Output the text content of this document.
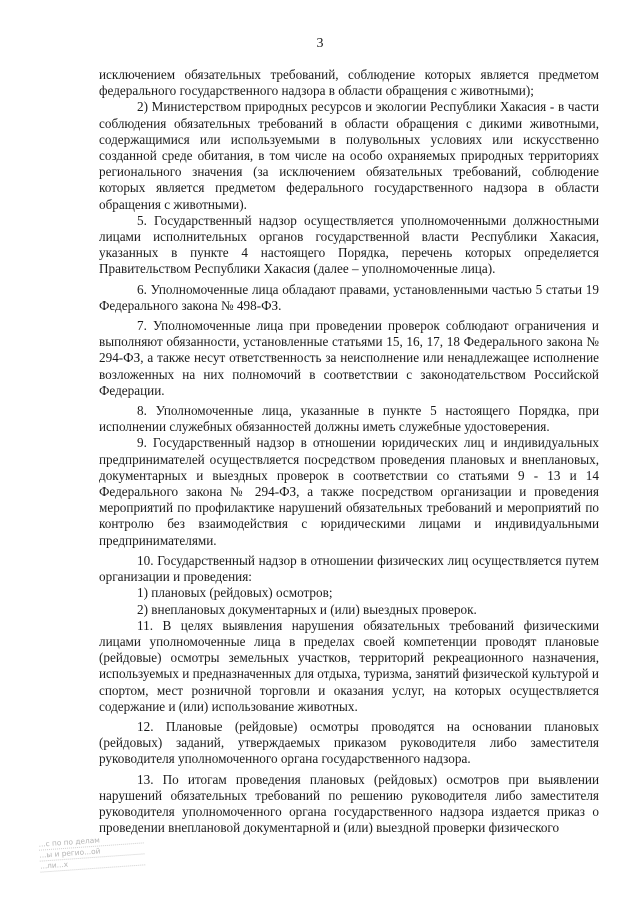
3

исключением обязательных требований, соблюдение которых является предметом федерального государственного надзора в области обращения с животными);

2) Министерством природных ресурсов и экологии Республики Хакасия - в части соблюдения обязательных требований в области обращения с дикими животными, содержащимися или используемыми в полувольных условиях или искусственно созданной среде обитания, в том числе на особо охраняемых природных территориях регионального значения (за исключением обязательных требований, соблюдение которых является предметом федерального государственного надзора в области обращения с животными).

5. Государственный надзор осуществляется уполномоченными должностными лицами исполнительных органов государственной власти Республики Хакасия, указанных в пункте 4 настоящего Порядка, перечень которых определяется Правительством Республики Хакасия (далее – уполномоченные лица).

6. Уполномоченные лица обладают правами, установленными частью 5 статьи 19 Федерального закона № 498-ФЗ.

7. Уполномоченные лица при проведении проверок соблюдают ограничения и выполняют обязанности, установленные статьями 15, 16, 17, 18 Федерального закона № 294-ФЗ, а также несут ответственность за неисполнение или ненадлежащее исполнение возложенных на них полномочий в соответствии с законодательством Российской Федерации.

8. Уполномоченные лица, указанные в пункте 5 настоящего Порядка, при исполнении служебных обязанностей должны иметь служебные удостоверения.

9. Государственный надзор в отношении юридических лиц и индивидуальных предпринимателей осуществляется посредством проведения плановых и внеплановых, документарных и выездных проверок в соответствии со статьями 9 - 13 и 14 Федерального закона № 294-ФЗ, а также посредством организации и проведения мероприятий по профилактике нарушений обязательных требований и мероприятий по контролю без взаимодействия с юридическими лицами и индивидуальными предпринимателями.

10. Государственный надзор в отношении физических лиц осуществляется путем организации и проведения:

1) плановых (рейдовых) осмотров;

2) внеплановых документарных и (или) выездных проверок.

11. В целях выявления нарушения обязательных требований физическими лицами уполномоченные лица в пределах своей компетенции проводят плановые (рейдовые) осмотры земельных участков, территорий рекреационного назначения, используемых и предназначенных для отдыха, туризма, занятий физической культурой и спортом, мест розничной торговли и оказания услуг, на которых осуществляется содержание и (или) использование животных.

12. Плановые (рейдовые) осмотры проводятся на основании плановых (рейдовых) заданий, утверждаемых приказом руководителя либо заместителя руководителя уполномоченного органа государственного надзора.

13. По итогам проведения плановых (рейдовых) осмотров при выявлении нарушений обязательных требований по решению руководителя либо заместителя руководителя уполномоченного органа государственного надзора издается приказ о проведении внеплановой документарной и (или) выездной проверки физического

...с по по делам
...ы и регио...ой
...ли...х
